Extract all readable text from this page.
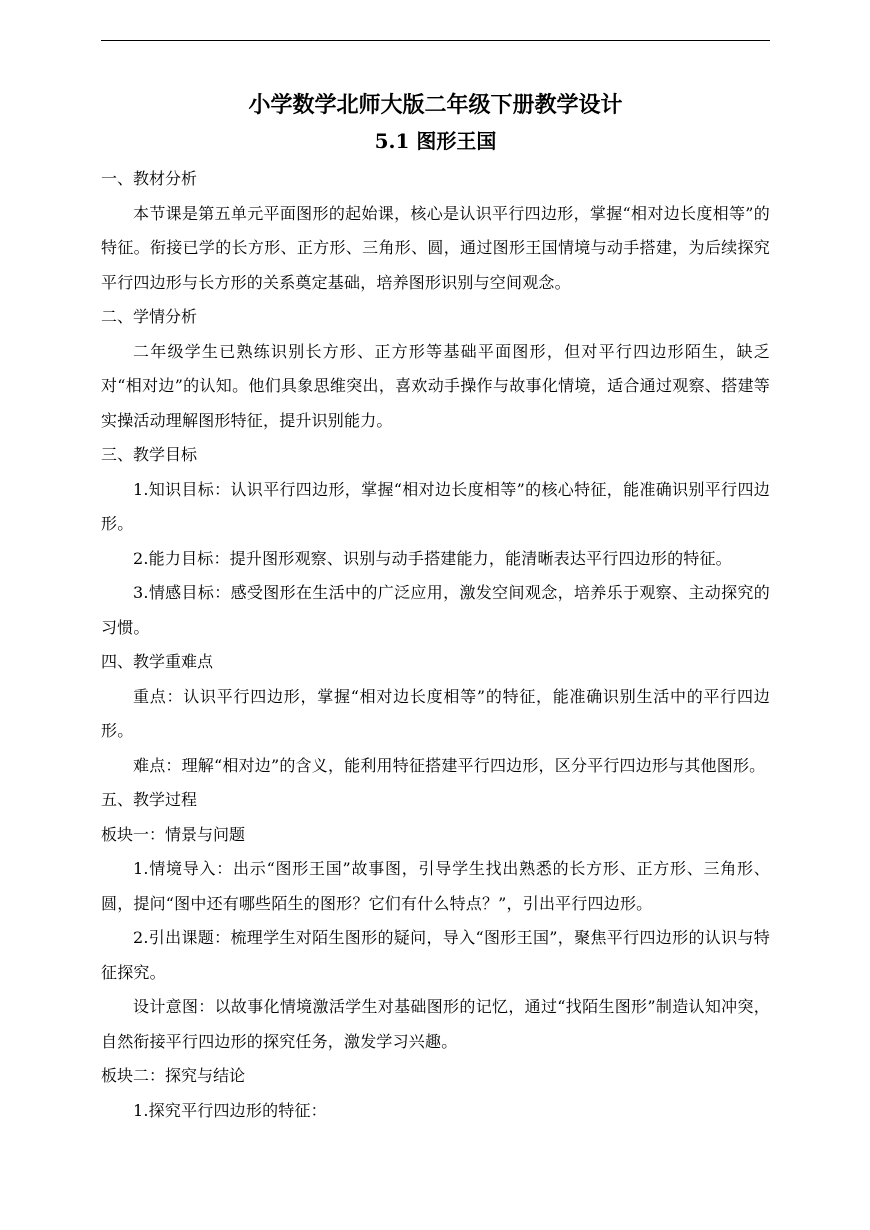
小学数学北师大版二年级下册教学设计
5.1 图形王国

一、教材分析

本节课是第五单元平面图形的起始课，核心是认识平行四边形，掌握“相对边长度相等”的特征。衔接已学的长方形、正方形、三角形、圆，通过图形王国情境与动手搭建，为后续探究平行四边形与长方形的关系奠定基础，培养图形识别与空间观念。

二、学情分析

二年级学生已熟练识别长方形、正方形等基础平面图形，但对平行四边形陌生，缺乏对“相对边”的认知。他们具象思维突出，喜欢动手操作与故事化情境，适合通过观察、搭建等实操活动理解图形特征，提升识别能力。

三、教学目标

1.知识目标：认识平行四边形，掌握“相对边长度相等”的核心特征，能准确识别平行四边形。

2.能力目标：提升图形观察、识别与动手搭建能力，能清晰表达平行四边形的特征。

3.情感目标：感受图形在生活中的广泛应用，激发空间观念，培养乐于观察、主动探究的习惯。

四、教学重难点

重点：认识平行四边形，掌握“相对边长度相等”的特征，能准确识别生活中的平行四边形。

难点：理解“相对边”的含义，能利用特征搭建平行四边形，区分平行四边形与其他图形。

五、教学过程

板块一：情景与问题

1.情境导入：出示“图形王国”故事图，引导学生找出熟悉的长方形、正方形、三角形、圆，提问“图中还有哪些陌生的图形？它们有什么特点？”，引出平行四边形。

2.引出课题：梳理学生对陌生图形的疑问，导入“图形王国”，聚焦平行四边形的认识与特征探究。

设计意图：以故事化情境激活学生对基础图形的记忆，通过“找陌生图形”制造认知冲突，自然衔接平行四边形的探究任务，激发学习兴趣。

板块二：探究与结论

1.探究平行四边形的特征：
